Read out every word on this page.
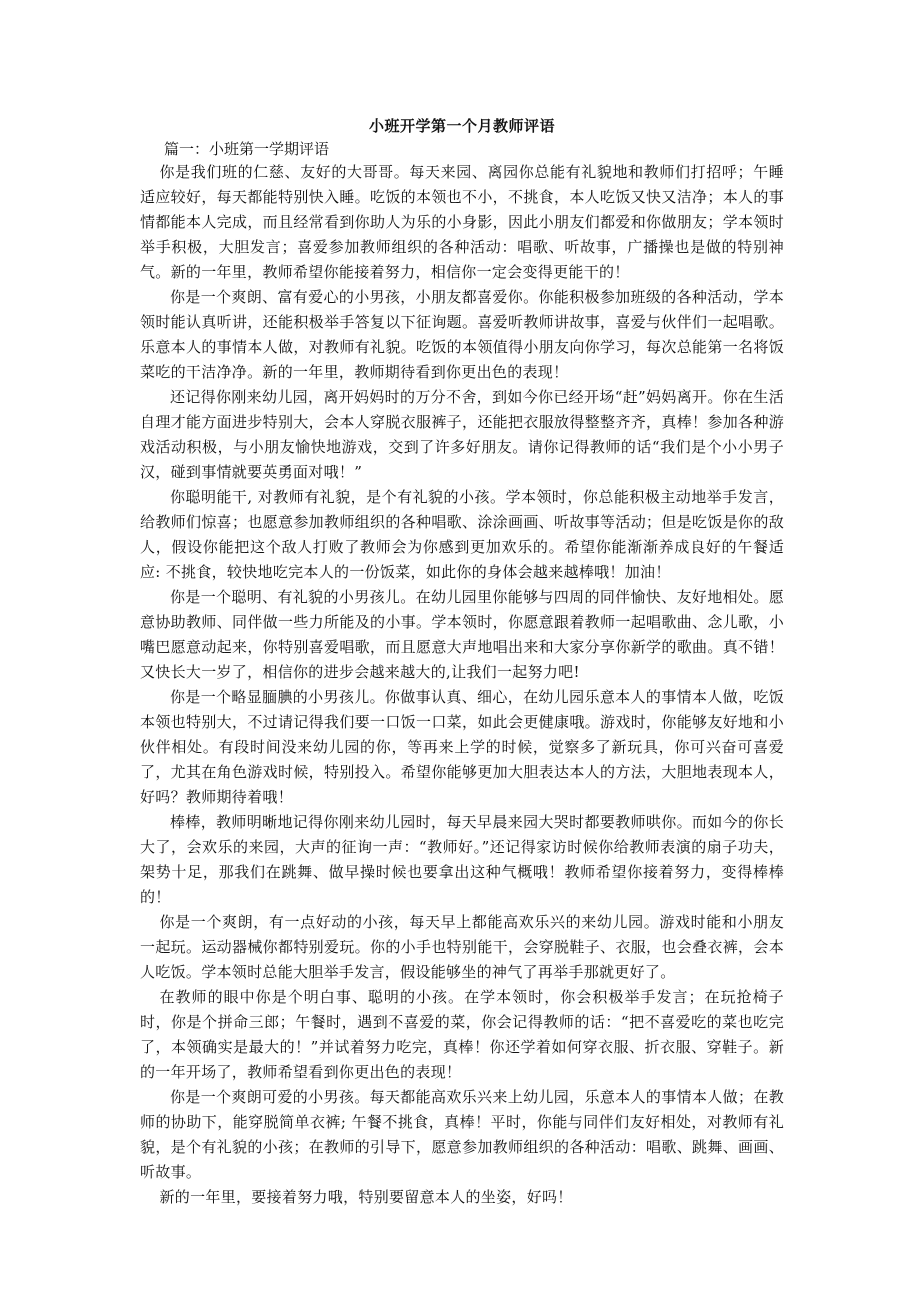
小班开学第一个月教师评语
篇一：小班第一学期评语

你是我们班的仁慈、友好的大哥哥。每天来园、离园你总能有礼貌地和教师们打招呼；午睡适应较好，每天都能特别快入睡。吃饭的本领也不小，不挑食，本人吃饭又快又洁净；本人的事情都能本人完成，而且经常看到你助人为乐的小身影，因此小朋友们都爱和你做朋友；学本领时举手积极，大胆发言；喜爱参加教师组织的各种活动：唱歌、听故事，广播操也是做的特别神气。新的一年里，教师希望你能接着努力，相信你一定会变得更能干的！

你是一个爽朗、富有爱心的小男孩，小朋友都喜爱你。你能积极参加班级的各种活动，学本领时能认真听讲，还能积极举手答复以下征询题。喜爱听教师讲故事，喜爱与伙伴们一起唱歌。乐意本人的事情本人做，对教师有礼貌。吃饭的本领值得小朋友向你学习，每次总能第一名将饭菜吃的干洁净净。新的一年里，教师期待看到你更出色的表现！

还记得你刚来幼儿园，离开妈妈时的万分不舍，到如今你已经开场“赶”妈妈离开。你在生活自理才能方面进步特别大，会本人穿脱衣服裤子，还能把衣服放得整整齐齐，真棒！参加各种游戏活动积极，与小朋友愉快地游戏，交到了许多好朋友。请你记得教师的话“我们是个小小男子汉，碰到事情就要英勇面对哦！”

你聪明能干, 对教师有礼貌，是个有礼貌的小孩。学本领时，你总能积极主动地举手发言，给教师们惊喜；也愿意参加教师组织的各种唱歌、涂涂画画、听故事等活动；但是吃饭是你的敌人，假设你能把这个敌人打败了教师会为你感到更加欢乐的。希望你能渐渐养成良好的午餐适应: 不挑食，较快地吃完本人的一份饭菜，如此你的身体会越来越棒哦！加油！

你是一个聪明、有礼貌的小男孩儿。在幼儿园里你能够与四周的同伴愉快、友好地相处。愿意协助教师、同伴做一些力所能及的小事。学本领时，你愿意跟着教师一起唱歌曲、念儿歌，小嘴巴愿意动起来，你特别喜爱唱歌，而且愿意大声地唱出来和大家分享你新学的歌曲。真不错！　又快长大一岁了，相信你的进步会越来越大的,让我们一起努力吧!

你是一个略显腼腆的小男孩儿。你做事认真、细心，在幼儿园乐意本人的事情本人做，吃饭本领也特别大，不过请记得我们要一口饭一口菜，如此会更健康哦。游戏时，你能够友好地和小伙伴相处。有段时间没来幼儿园的你，等再来上学的时候，觉察多了新玩具，你可兴奋可喜爱了，尤其在角色游戏时候，特别投入。希望你能够更加大胆表达本人的方法，大胆地表现本人，好吗？教师期待着哦！

棒棒，教师明晰地记得你刚来幼儿园时，每天早晨来园大哭时都要教师哄你。而如今的你长大了，会欢乐的来园，大声的征询一声：“教师好。”还记得家访时候你给教师表演的扇子功夫，架势十足，那我们在跳舞、做早操时候也要拿出这种气概哦！教师希望你接着努力，变得棒棒的！

你是一个爽朗，有一点好动的小孩，每天早上都能高欢乐兴的来幼儿园。游戏时能和小朋友一起玩。运动器械你都特别爱玩。你的小手也特别能干，会穿脱鞋子、衣服，也会叠衣裤，会本人吃饭。学本领时总能大胆举手发言，假设能够坐的神气了再举手那就更好了。

在教师的眼中你是个明白事、聪明的小孩。在学本领时，你会积极举手发言；在玩抢椅子时，你是个拼命三郎；午餐时，遇到不喜爱的菜，你会记得教师的话：“把不喜爱吃的菜也吃完了，本领确实是最大的！”并试着努力吃完，真棒！你还学着如何穿衣服、折衣服、穿鞋子。新的一年开场了，教师希望看到你更出色的表现！

你是一个爽朗可爱的小男孩。每天都能高欢乐兴来上幼儿园，乐意本人的事情本人做；在教师的协助下，能穿脱简单衣裤; 午餐不挑食，真棒！平时，你能与同伴们友好相处，对教师有礼貌，是个有礼貌的小孩；在教师的引导下，愿意参加教师组织的各种活动：唱歌、跳舞、画画、听故事。

新的一年里，要接着努力哦，特别要留意本人的坐姿，好吗！
